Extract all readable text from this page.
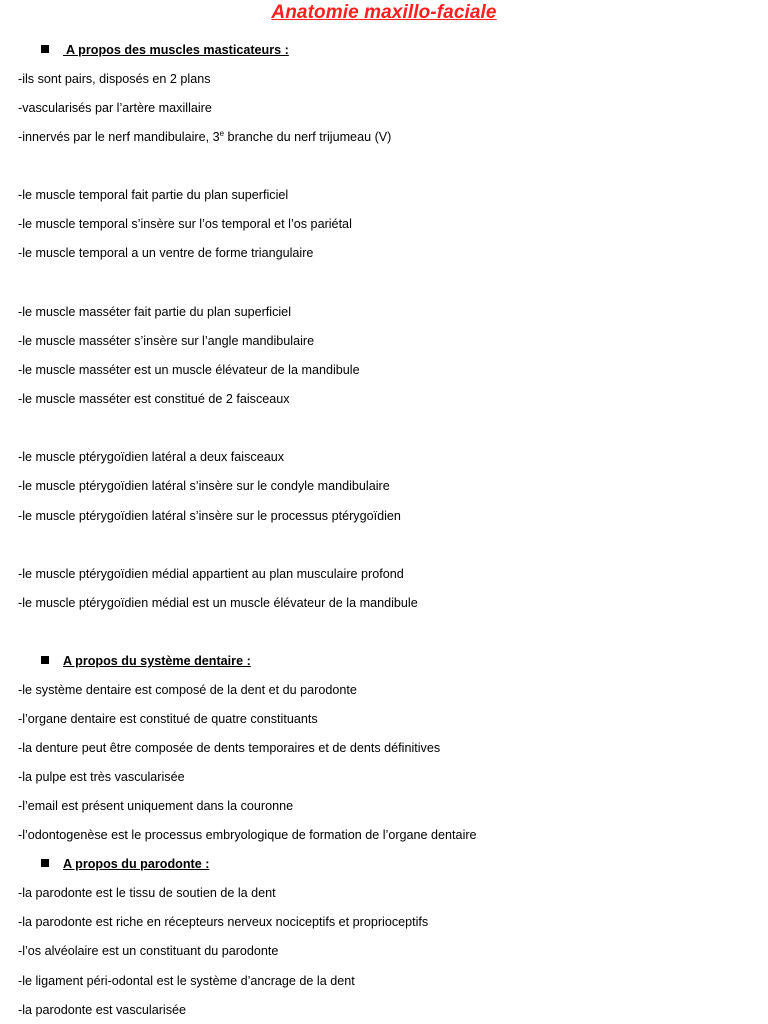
Anatomie maxillo-faciale
A propos des muscles masticateurs :
-ils sont pairs, disposés en 2 plans
-vascularisés par l’artère maxillaire
-innervés par le nerf mandibulaire, 3e branche du nerf trijumeau (V)
-le muscle temporal fait partie du plan superficiel
-le muscle temporal s’insère sur l’os temporal et l’os pariétal
-le muscle temporal a un ventre de forme triangulaire
-le muscle masséter fait partie du plan superficiel
-le muscle masséter s’insère sur l’angle mandibulaire
-le muscle masséter est un muscle élévateur de la mandibule
-le muscle masséter est constitué de 2 faisceaux
-le muscle ptérygoïdien latéral a deux faisceaux
-le muscle ptérygoïdien latéral s’insère sur le condyle mandibulaire
-le muscle ptérygoïdien latéral s’insère sur le processus ptérygoïdien
-le muscle ptérygoïdien médial appartient au plan musculaire profond
-le muscle ptérygoïdien médial est un muscle élévateur de la mandibule
A propos du système dentaire :
-le système dentaire est composé de la dent et du parodonte
-l’organe dentaire est constitué de quatre constituants
-la denture peut être composée de dents temporaires et de dents définitives
-la pulpe est très vascularisée
-l’email est présent uniquement dans la couronne
-l’odontogenèse est le processus embryologique de formation de l’organe dentaire
A propos du parodonte :
-la parodonte est le tissu de soutien de la dent
-la parodonte est riche en récepteurs nerveux nociceptifs et proprioceptifs
-l’os alvéolaire est un constituant du parodonte
-le ligament péri-odontal est le système d’ancrage de la dent
-la parodonte est vascularisée
